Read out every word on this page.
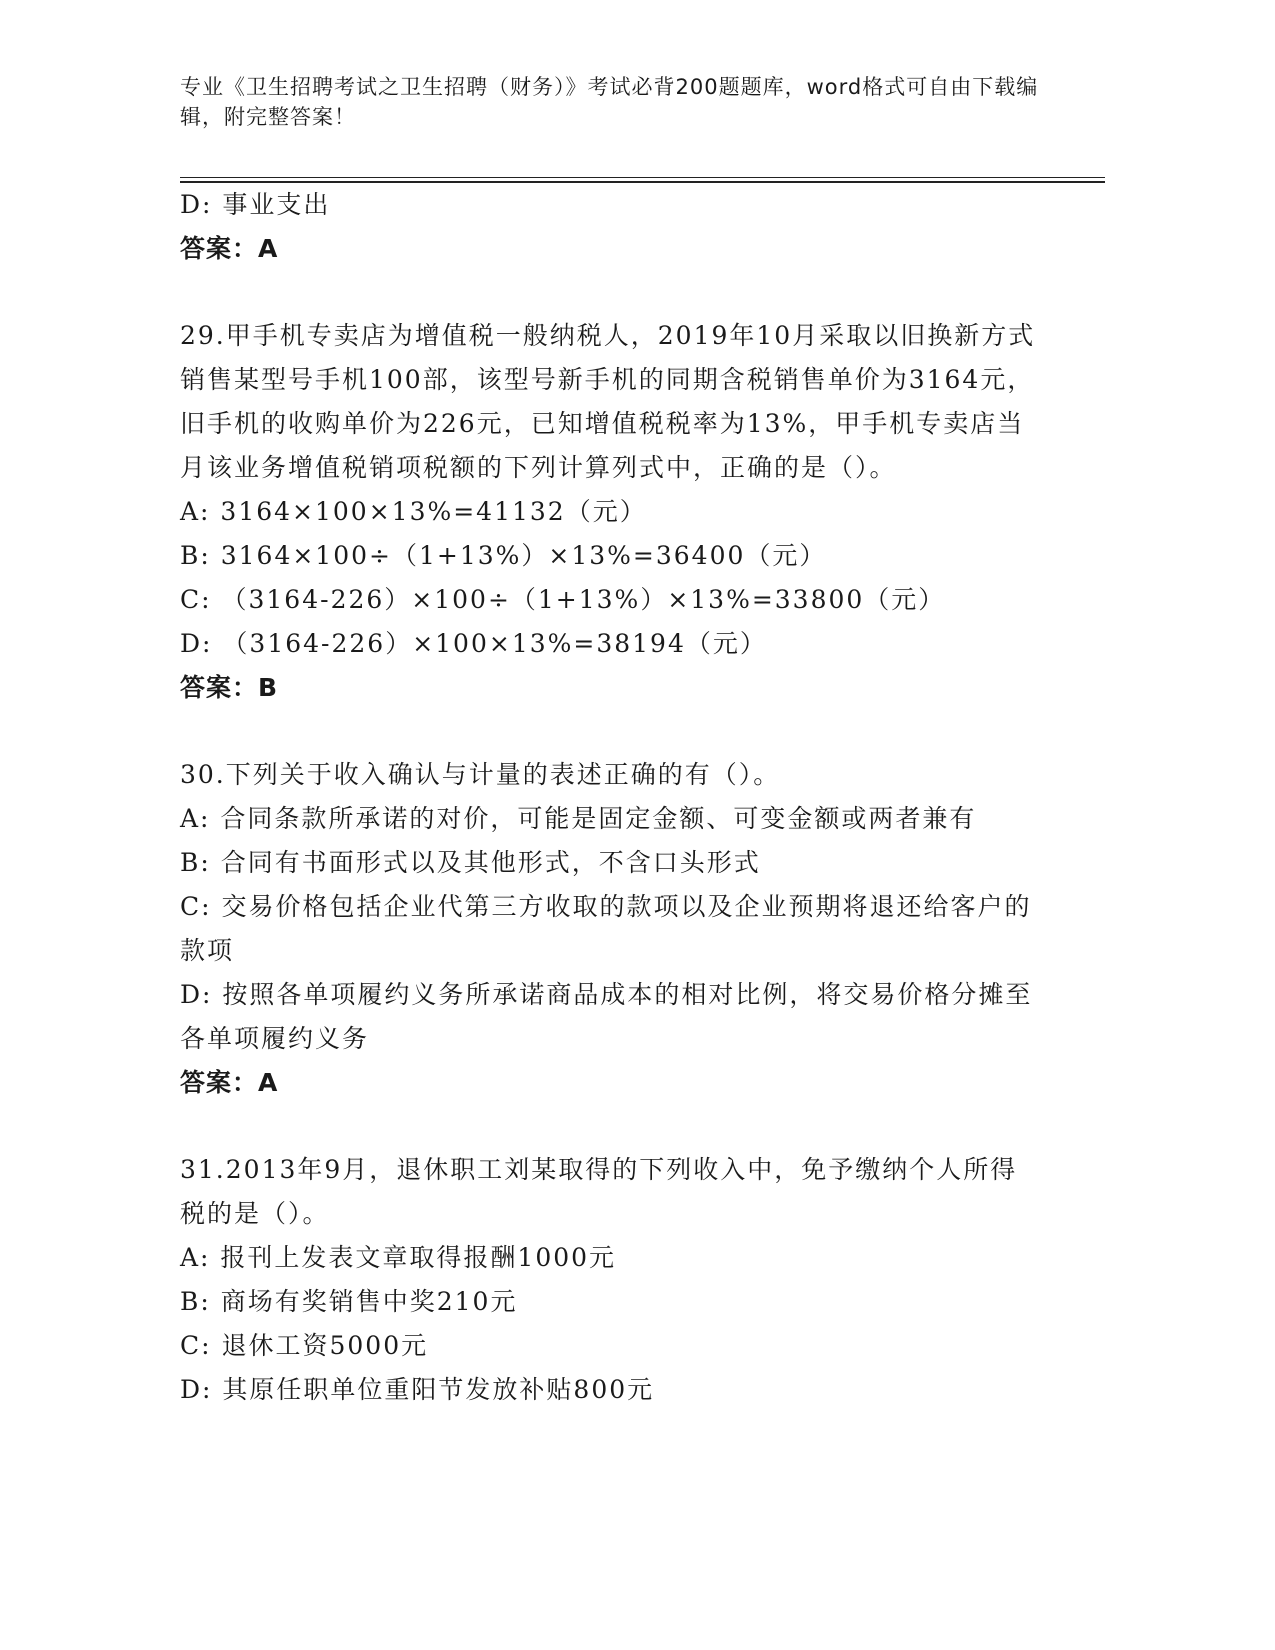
专业《卫生招聘考试之卫生招聘（财务）》考试必背200题题库，word格式可自由下载编辑，附完整答案！
D: 事业支出
答案：A
29.甲手机专卖店为增值税一般纳税人，2019年10月采取以旧换新方式销售某型号手机100部，该型号新手机的同期含税销售单价为3164元，旧手机的收购单价为226元，已知增值税税率为13%，甲手机专卖店当月该业务增值税销项税额的下列计算列式中，正确的是（）。
A: 3164×100×13%=41132（元）
B: 3164×100÷（1+13%）×13%=36400（元）
C: （3164-226）×100÷（1+13%）×13%=33800（元）
D: （3164-226）×100×13%=38194（元）
答案：B
30.下列关于收入确认与计量的表述正确的有（）。
A: 合同条款所承诺的对价，可能是固定金额、可变金额或两者兼有
B: 合同有书面形式以及其他形式，不含口头形式
C: 交易价格包括企业代第三方收取的款项以及企业预期将退还给客户的款项
D: 按照各单项履约义务所承诺商品成本的相对比例，将交易价格分摊至各单项履约义务
答案：A
31.2013年9月，退休职工刘某取得的下列收入中，免予缴纳个人所得税的是（）。
A: 报刊上发表文章取得报酬1000元
B: 商场有奖销售中奖210元
C: 退休工资5000元
D: 其原任职单位重阳节发放补贴800元
